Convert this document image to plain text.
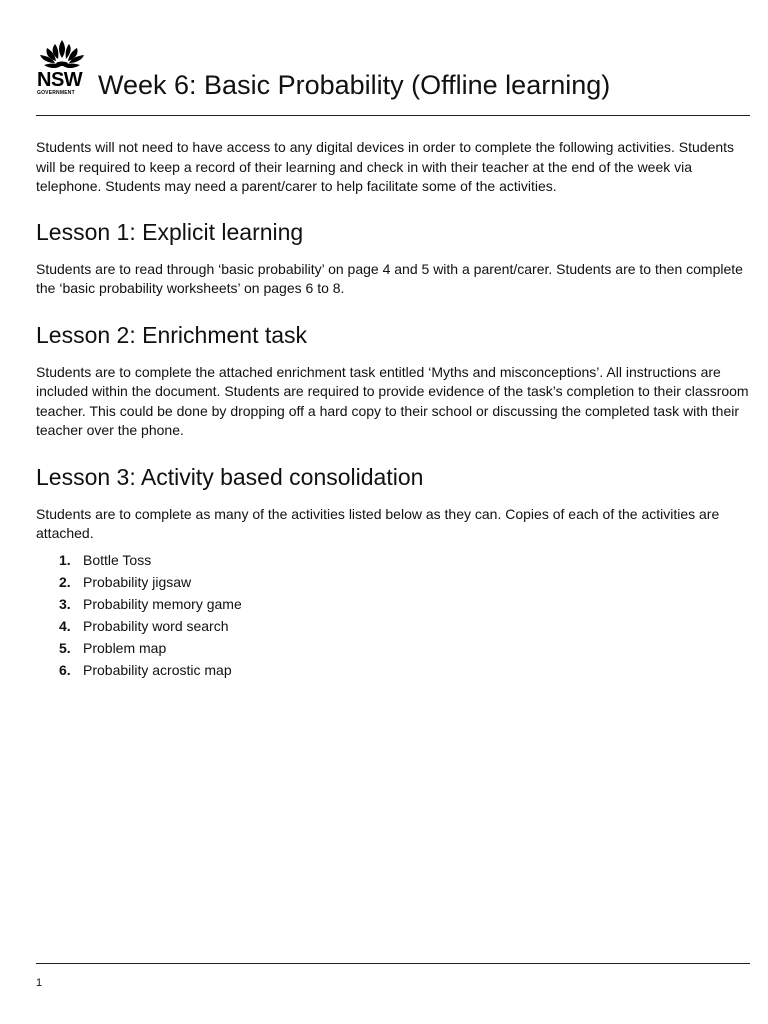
NSW
GOVERNMENT Week 6: Basic Probability (Offline learning)

Students will not need to have access to any digital devices in order to complete the following activities. Students will be required to keep a record of their learning and check in with their teacher at the end of the week via telephone. Students may need a parent/carer to help facilitate some of the activities.

Lesson 1: Explicit learning

Students are to read through ‘basic probability’ on page 4 and 5 with a parent/carer. Students are to then complete the ‘basic probability worksheets’ on pages 6 to 8.

Lesson 2: Enrichment task

Students are to complete the attached enrichment task entitled ‘Myths and misconceptions’. All instructions are included within the document. Students are required to provide evidence of the task’s completion to their classroom teacher. This could be done by dropping off a hard copy to their school or discussing the completed task with their teacher over the phone.

Lesson 3: Activity based consolidation

Students are to complete as many of the activities listed below as they can. Copies of each of the activities are attached.

1. Bottle Toss
2. Probability jigsaw
3. Probability memory game
4. Probability word search
5. Problem map
6. Probability acrostic map
1
